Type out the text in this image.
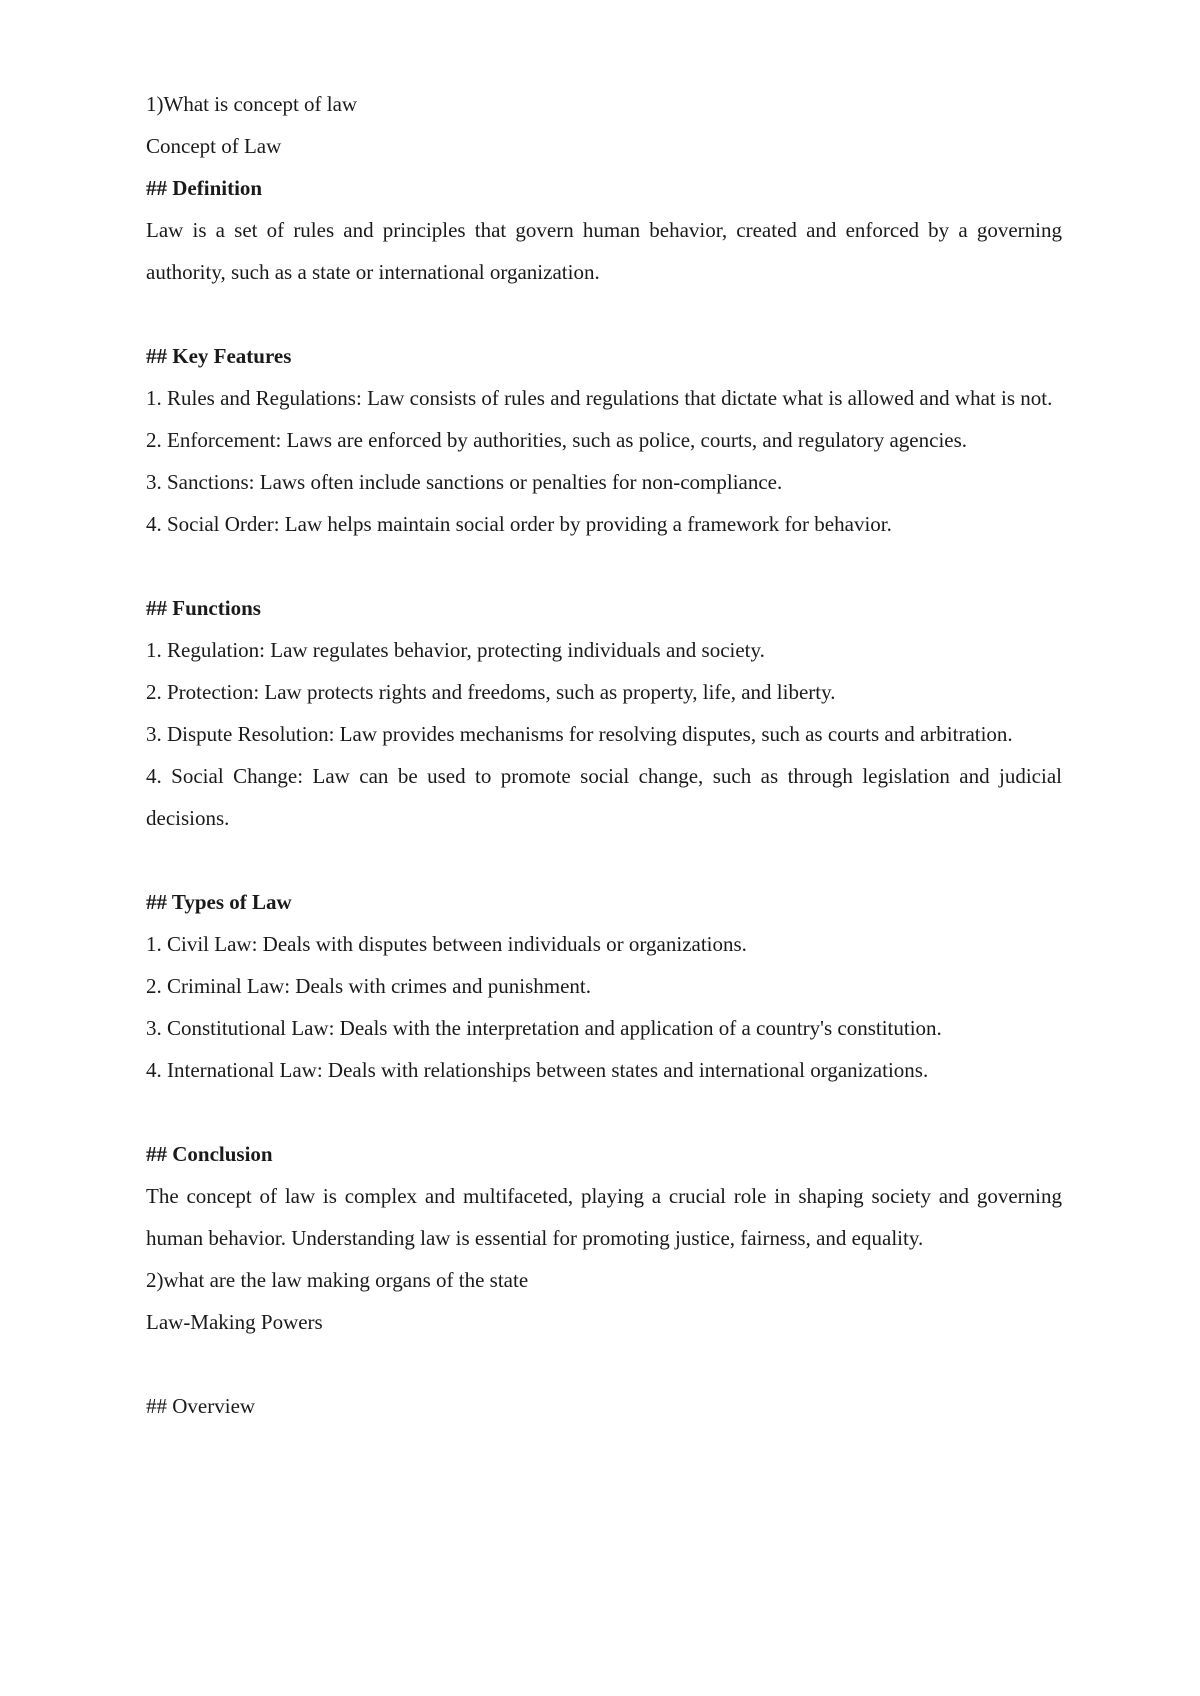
1)What is concept of law

Concept of Law

## Definition

Law is a set of rules and principles that govern human behavior, created and enforced by a governing authority, such as a state or international organization.

## Key Features

1. Rules and Regulations: Law consists of rules and regulations that dictate what is allowed and what is not.

2. Enforcement: Laws are enforced by authorities, such as police, courts, and regulatory agencies.

3. Sanctions: Laws often include sanctions or penalties for non-compliance.

4. Social Order: Law helps maintain social order by providing a framework for behavior.

## Functions

1. Regulation: Law regulates behavior, protecting individuals and society.

2. Protection: Law protects rights and freedoms, such as property, life, and liberty.

3. Dispute Resolution: Law provides mechanisms for resolving disputes, such as courts and arbitration.

4. Social Change: Law can be used to promote social change, such as through legislation and judicial decisions.

## Types of Law

1. Civil Law: Deals with disputes between individuals or organizations.

2. Criminal Law: Deals with crimes and punishment.

3. Constitutional Law: Deals with the interpretation and application of a country's constitution.

4. International Law: Deals with relationships between states and international organizations.

## Conclusion

The concept of law is complex and multifaceted, playing a crucial role in shaping society and governing human behavior. Understanding law is essential for promoting justice, fairness, and equality.

2)what are the law making organs of the state

Law-Making Powers

## Overview
